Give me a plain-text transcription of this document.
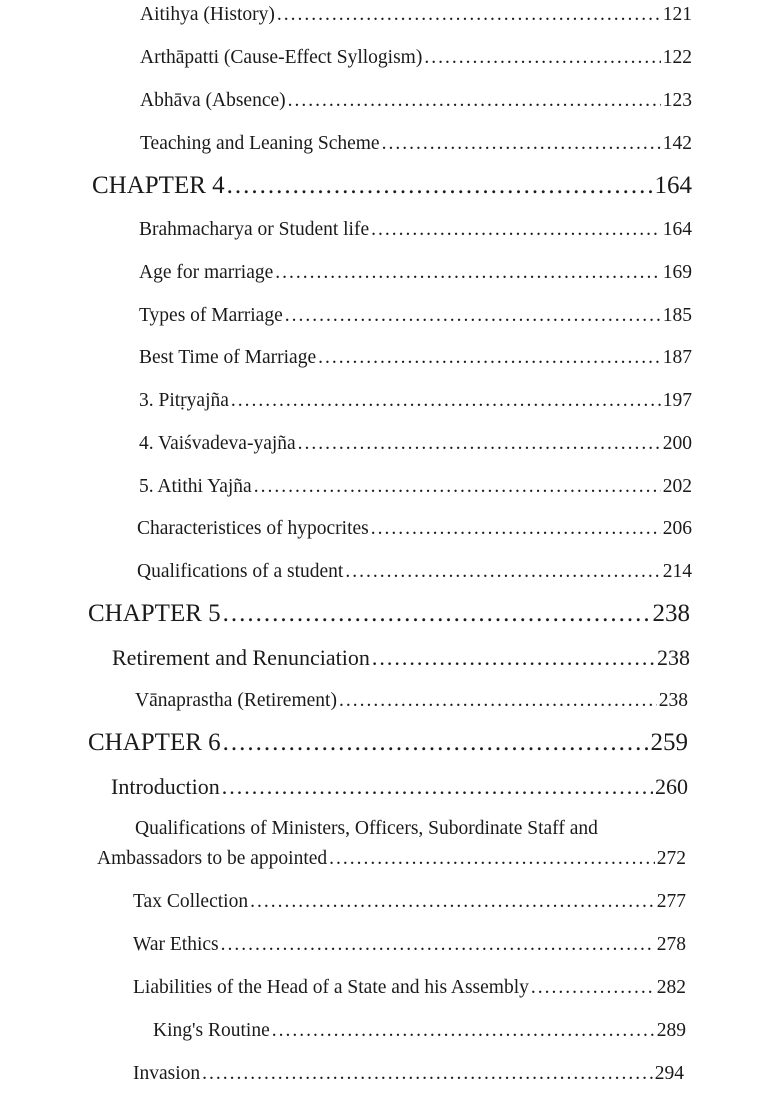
Aitihya (History) .....	121
Arthāpatti (Cause-Effect Syllogism) .....	122
Abhāva (Absence) .....	123
Teaching and Leaning Scheme .....	142
CHAPTER 4 .....	164
Brahmacharya or Student life .....	164
Age for marriage .....	169
Types of Marriage .....	185
Best Time of Marriage .....	187
3. Pitṛyajña .....	197
4. Vaiśvadeva-yajña .....	200
5. Atithi Yajña .....	202
Characteristices of hypocrites .....	206
Qualifications of a student .....	214
CHAPTER 5 .....	238
Retirement and Renunciation .....	238
Vānaprastha (Retirement) .....	238
CHAPTER 6 .....	259
Introduction .....	260
Qualifications of Ministers, Officers, Subordinate Staff and
Ambassadors to be appointed .....	272
Tax Collection .....	277
War Ethics .....	278
Liabilities of the Head of a State and his Assembly .....	282
King's Routine .....	289
Invasion .....	294
